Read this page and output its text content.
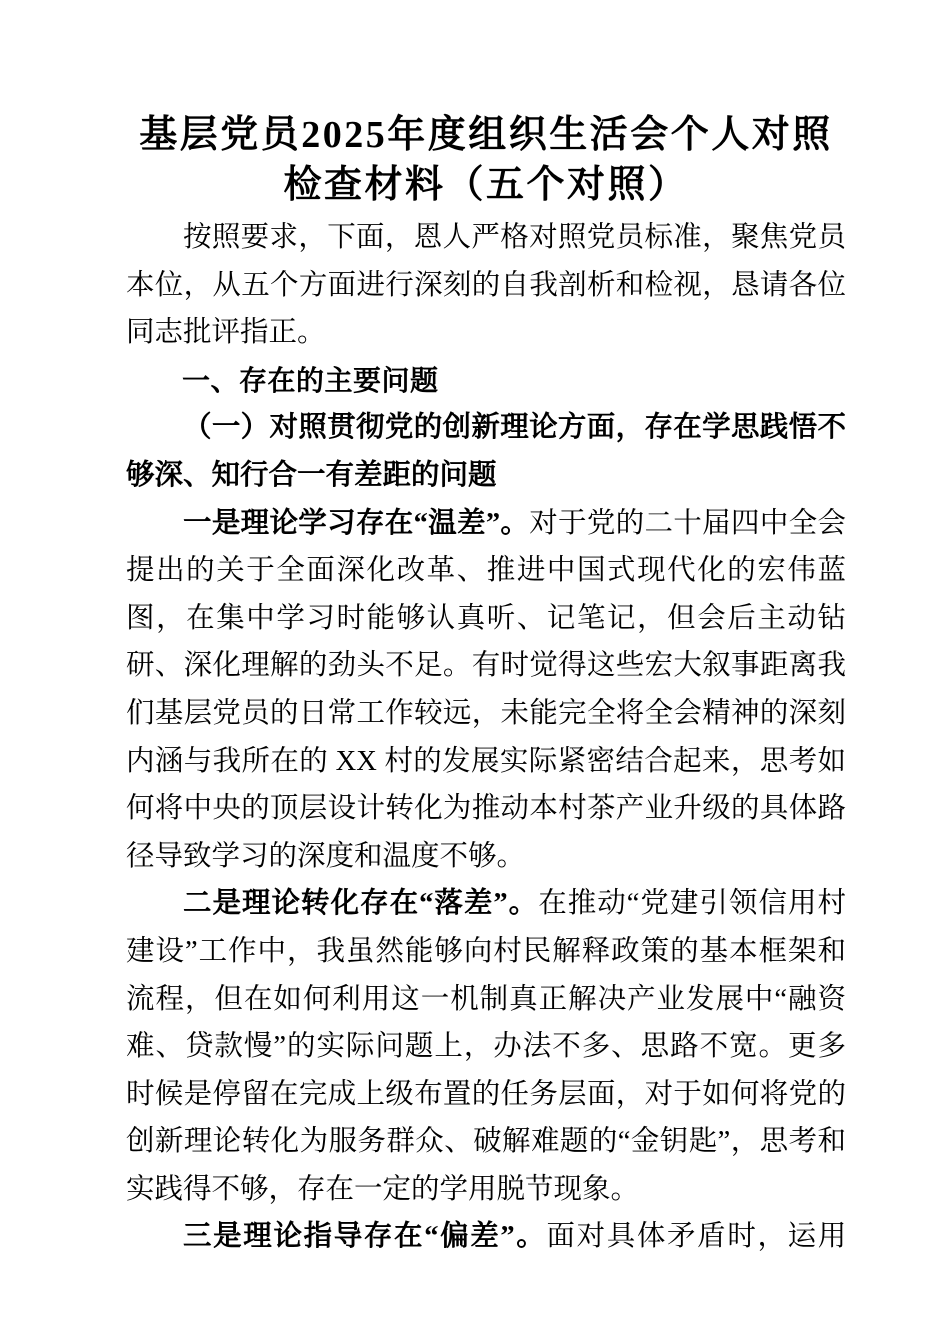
基层党员2025年度组织生活会个人对照检查材料（五个对照）

按照要求，下面，恩人严格对照党员标准，聚焦党员本位，从五个方面进行深刻的自我剖析和检视，恳请各位同志批评指正。

一、存在的主要问题
（一）对照贯彻党的创新理论方面，存在学思践悟不够深、知行合一有差距的问题

一是理论学习存在“温差”。对于党的二十届四中全会提出的关于全面深化改革、推进中国式现代化的宏伟蓝图，在集中学习时能够认真听、记笔记，但会后主动钻研、深化理解的劲头不足。有时觉得这些宏大叙事距离我们基层党员的日常工作较远，未能完全将全会精神的深刻内涵与我所在的 XX 村的发展实际紧密结合起来，思考如何将中央的顶层设计转化为推动本村茶产业升级的具体路径导致学习的深度和温度不够。

二是理论转化存在“落差”。在推动“党建引领信用村建设”工作中，我虽然能够向村民解释政策的基本框架和流程，但在如何利用这一机制真正解决产业发展中“融资难、贷款慢”的实际问题上，办法不多、思路不宽。更多时候是停留在完成上级布置的任务层面，对于如何将党的创新理论转化为服务群众、破解难题的“金钥匙”，思考和实践得不够，存在一定的学用脱节现象。

三是理论指导存在“偏差”。面对具体矛盾时，运用
